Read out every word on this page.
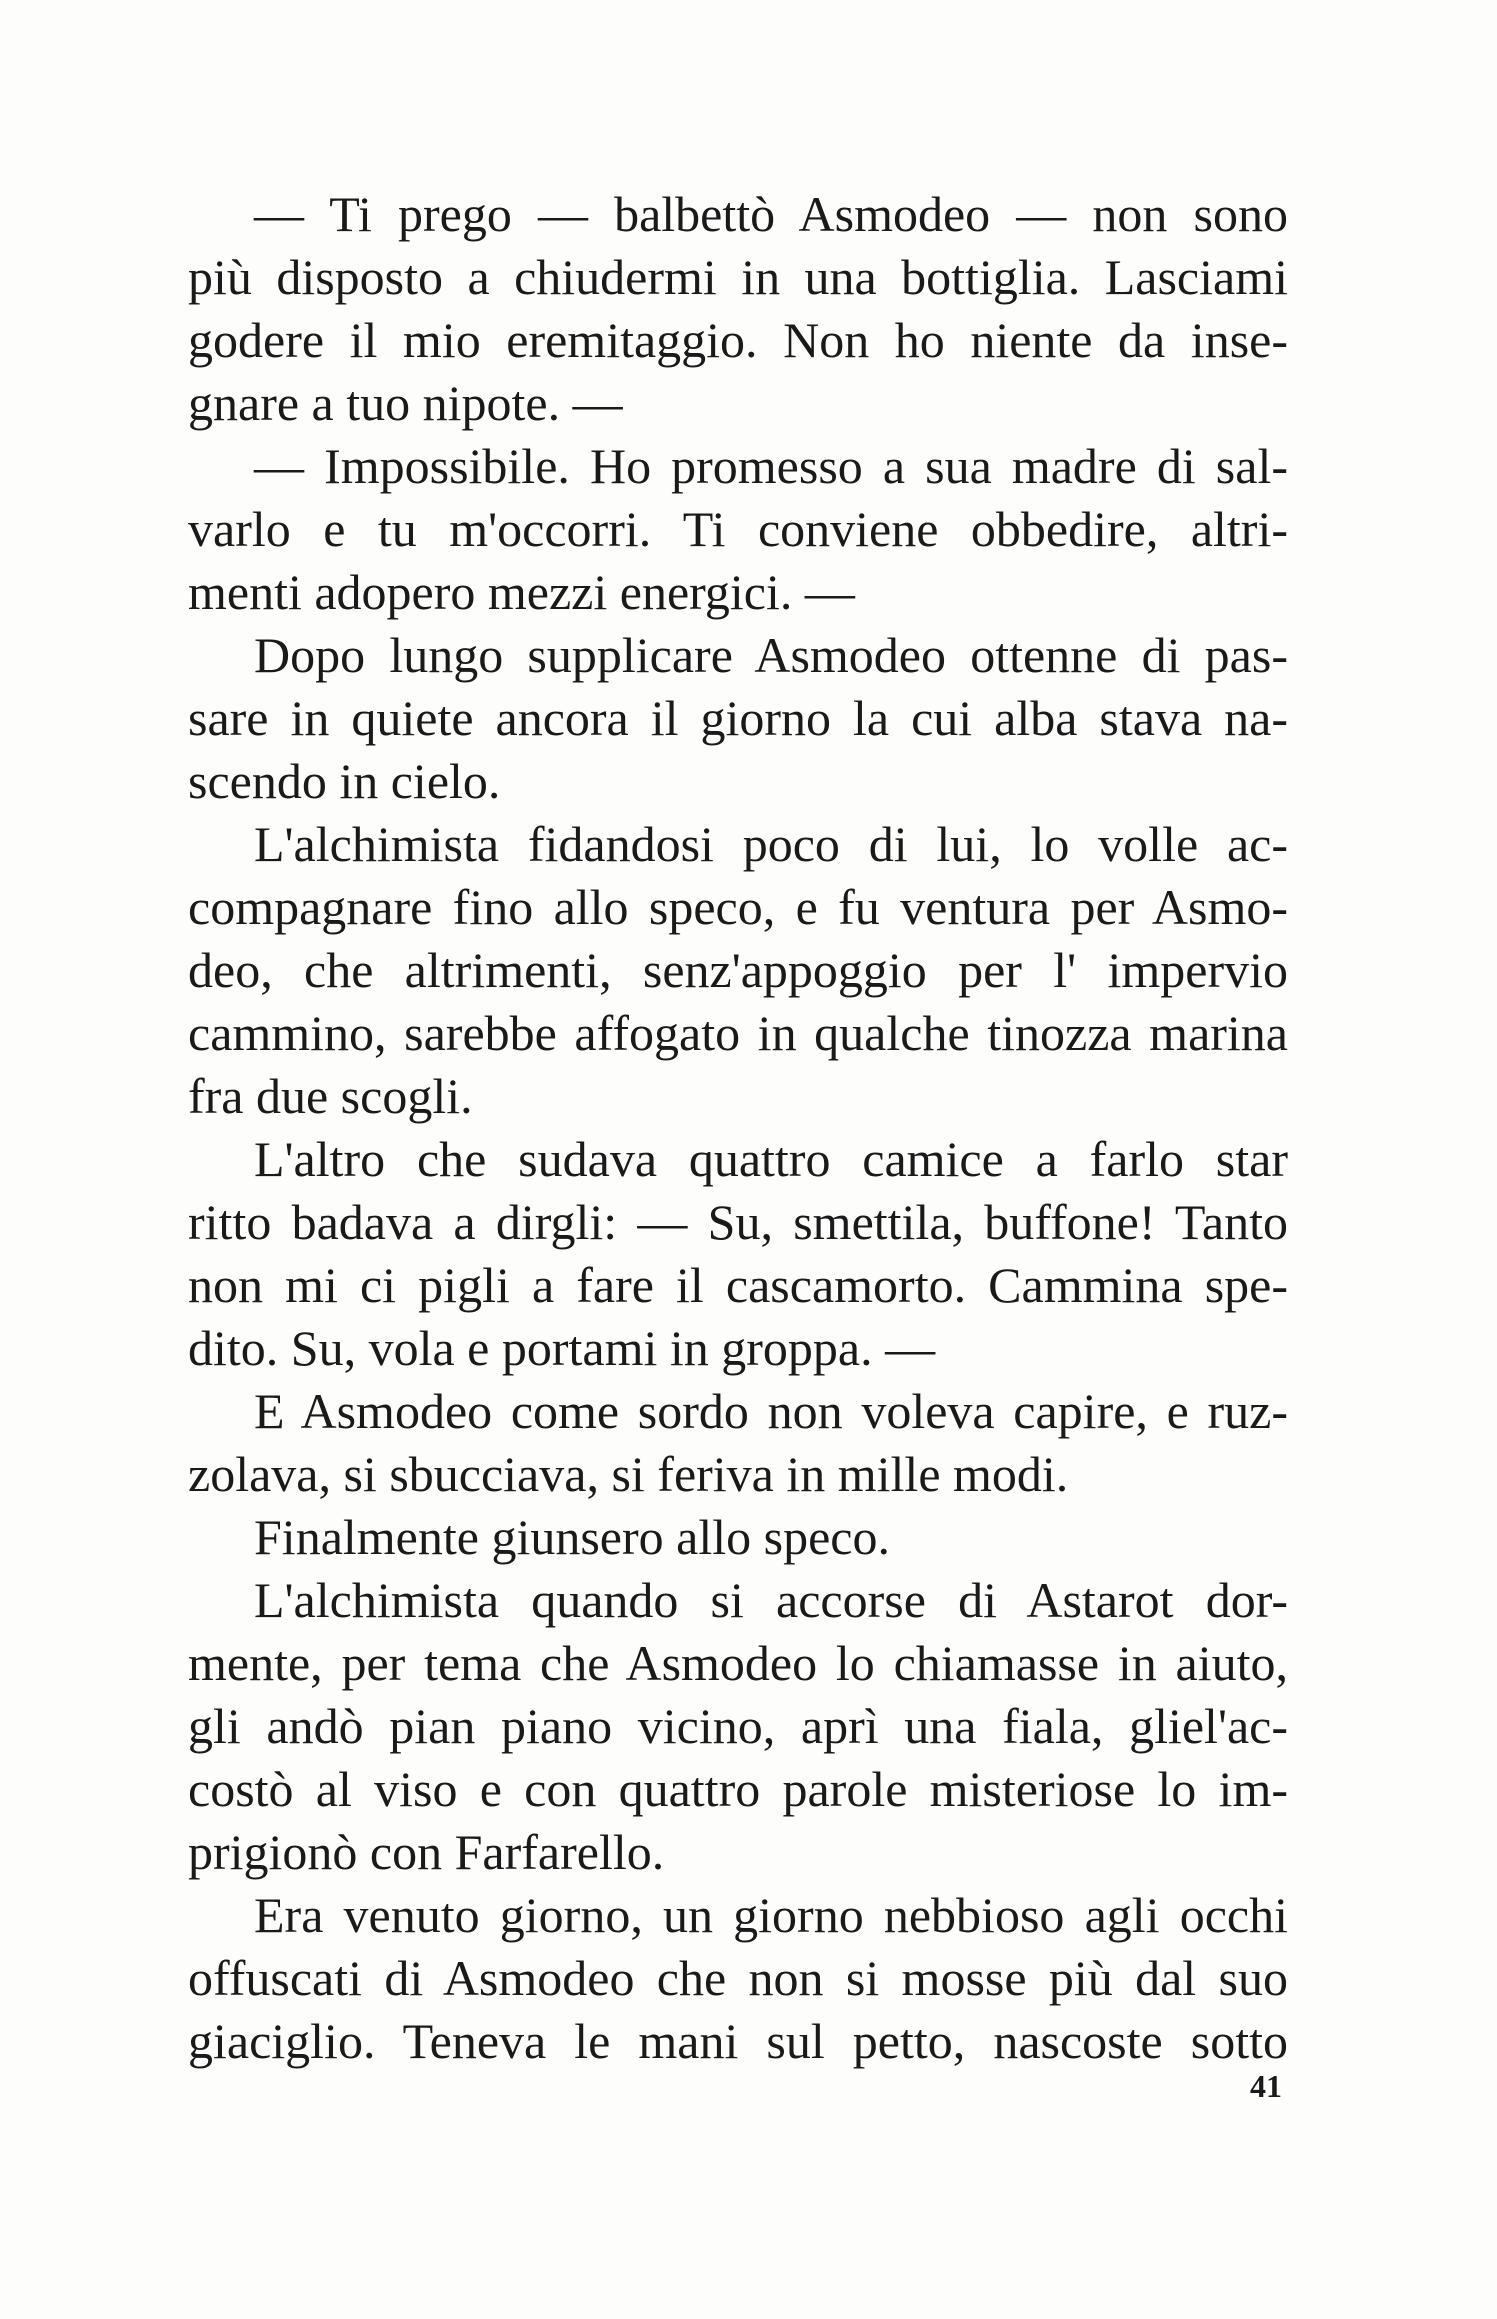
— Ti prego — balbettò Asmodeo — non sono
più disposto a chiudermi in una bottiglia. Lasciami
godere il mio eremitaggio. Non ho niente da inse-
gnare a tuo nipote. —

— Impossibile. Ho promesso a sua madre di sal-
varlo e tu m'occorri. Ti conviene obbedire, altri-
menti adopero mezzi energici. —

Dopo lungo supplicare Asmodeo ottenne di pas-
sare in quiete ancora il giorno la cui alba stava na-
scendo in cielo.

L'alchimista fidandosi poco di lui, lo volle ac-
compagnare fino allo speco, e fu ventura per Asmo-
deo, che altrimenti, senz'appoggio per l' impervio
cammino, sarebbe affogato in qualche tinozza marina
fra due scogli.

L'altro che sudava quattro camice a farlo star
ritto badava a dirgli: — Su, smettila, buffone! Tanto
non mi ci pigli a fare il cascamorto. Cammina spe-
dito. Su, vola e portami in groppa. —

E Asmodeo come sordo non voleva capire, e ruz-
zolava, si sbucciava, si feriva in mille modi.

Finalmente giunsero allo speco.

L'alchimista quando si accorse di Astarot dor-
mente, per tema che Asmodeo lo chiamasse in aiuto,
gli andò pian piano vicino, aprì una fiala, gliel'ac-
costò al viso e con quattro parole misteriose lo im-
prigionò con Farfarello.

Era venuto giorno, un giorno nebbioso agli occhi
offuscati di Asmodeo che non si mosse più dal suo
giaciglio. Teneva le mani sul petto, nascoste sotto

41
